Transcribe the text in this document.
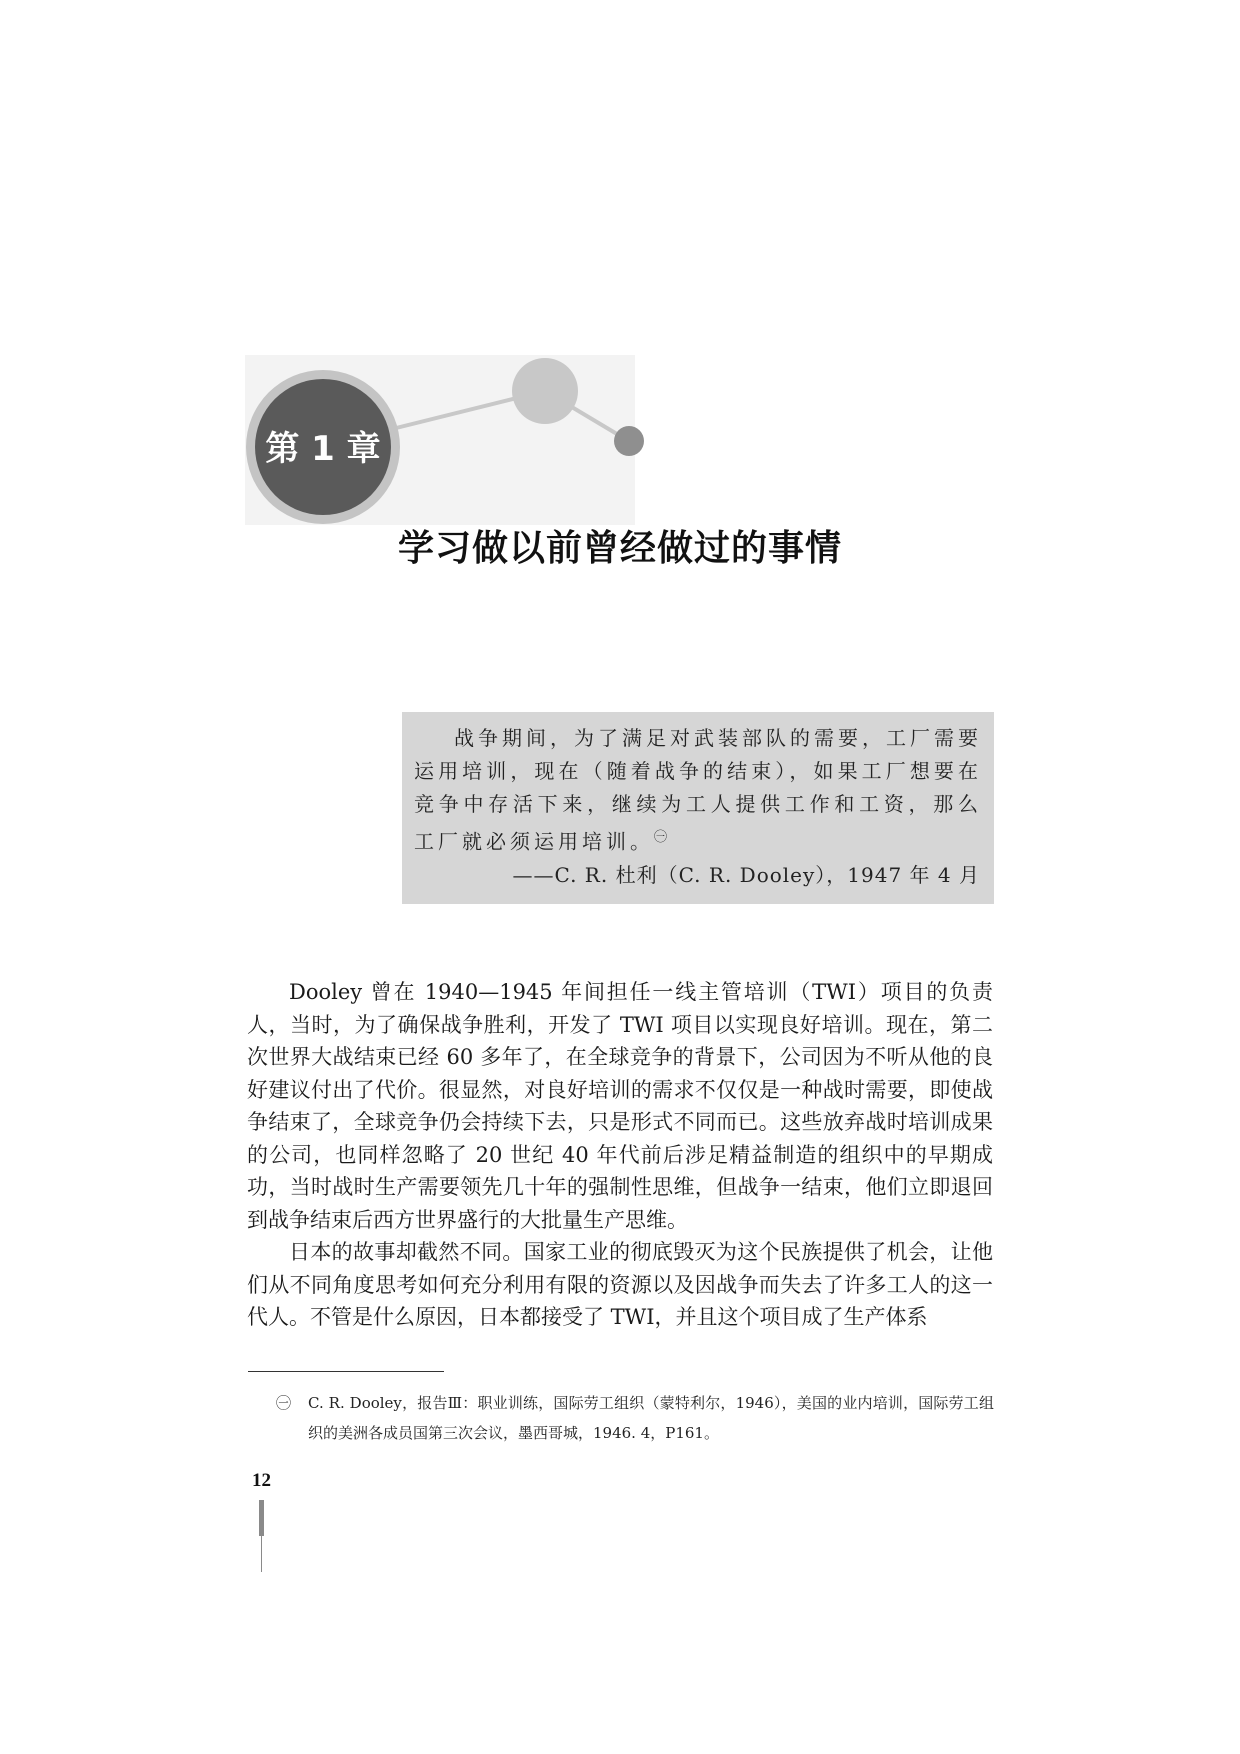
第 1 章
学习做以前曾经做过的事情

战争期间，为了满足对武装部队的需要，工厂需要运用培训，现在（随着战争的结束），如果工厂想要在竞争中存活下来，继续为工人提供工作和工资，那么工厂就必须运用培训。$^㊀$

——C. R. 杜利（C. R. Dooley），1947 年 4 月

Dooley 曾在 1940—1945 年间担任一线主管培训（TWI）项目的负责人，当时，为了确保战争胜利，开发了 TWI 项目以实现良好培训。现在，第二次世界大战结束已经 60 多年了，在全球竞争的背景下，公司因为不听从他的良好建议付出了代价。很显然，对良好培训的需求不仅仅是一种战时需要，即使战争结束了，全球竞争仍会持续下去，只是形式不同而已。这些放弃战时培训成果的公司，也同样忽略了 20 世纪 40 年代前后涉足精益制造的组织中的早期成功，当时战时生产需要领先几十年的强制性思维，但战争一结束，他们立即退回到战争结束后西方世界盛行的大批量生产思维。

日本的故事却截然不同。国家工业的彻底毁灭为这个民族提供了机会，让他们从不同角度思考如何充分利用有限的资源以及因战争而失去了许多工人的这一代人。不管是什么原因，日本都接受了 TWI，并且这个项目成了生产体系

㊀ C. R. Dooley，报告Ⅲ：职业训练，国际劳工组织（蒙特利尔，1946），美国的业内培训，国际劳工组织的美洲各成员国第三次会议，墨西哥城，1946. 4，P161。
12
